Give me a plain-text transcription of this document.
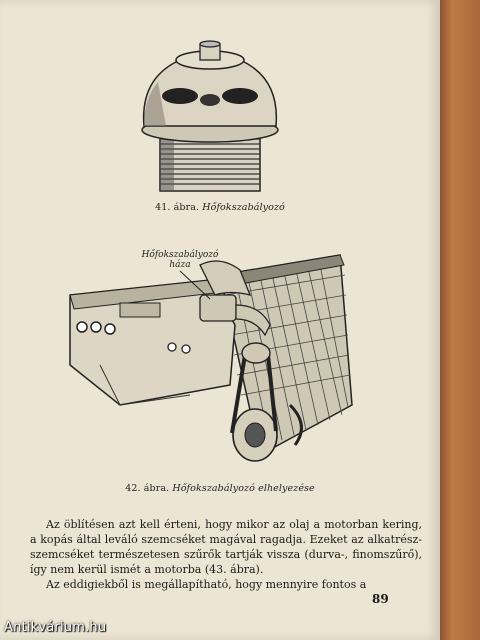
41. ábra. Hőfokszabályozó
Hőfokszabályozó
háza
42. ábra. Hőfokszabályozó elhelyezése

Az öblítésen azt kell érteni, hogy mikor az olaj a motorban kering, a kopás által leváló szemcséket magával ragadja. Ezeket az alkatrész-szemcséket természetesen szűrők tartják vissza (durva-, finomszűrő), így nem kerül ismét a motorba (43. ábra).

Az eddigiekből is megállapítható, hogy mennyire fontos a

89
Antikvárium.hu
